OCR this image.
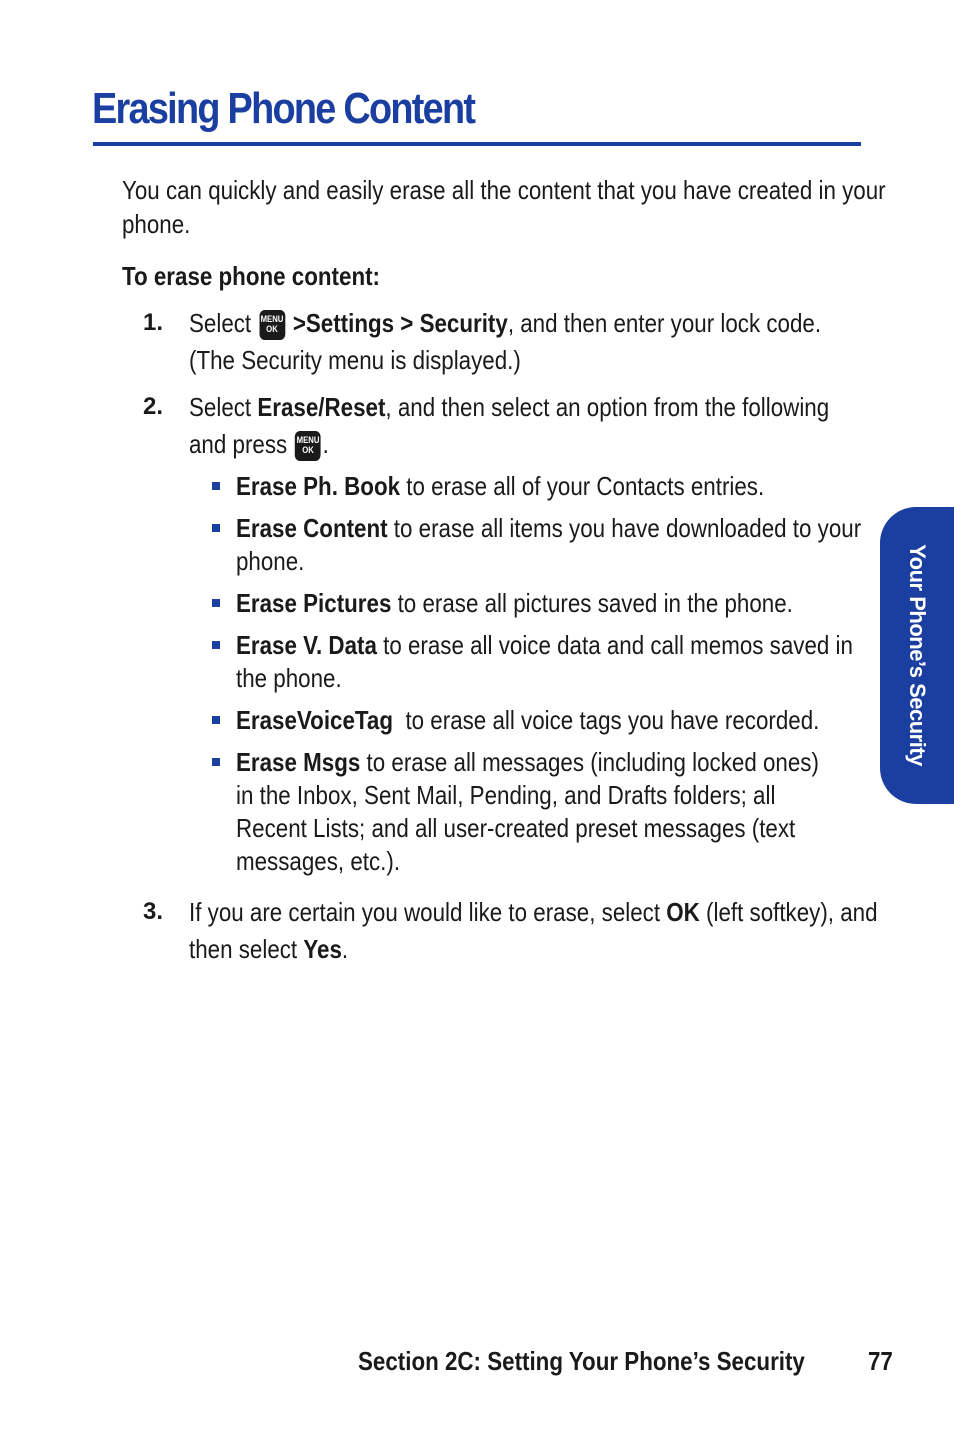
Erasing Phone Content
You can quickly and easily erase all the content that you have created in your
phone.
To erase phone content:
1. Select MENU
OK >Settings > Security, and then enter your lock code.
(The Security menu is displayed.)
2. Select Erase/Reset, and then select an option from the following
and press MENU
OK .
Erase Ph. Book to erase all of your Contacts entries.
Erase Content to erase all items you have downloaded to your
phone.
Erase Pictures to erase all pictures saved in the phone.
Erase V. Data to erase all voice data and call memos saved in
the phone.
EraseVoiceTag to erase all voice tags you have recorded.
Erase Msgs to erase all messages (including locked ones)
in the Inbox, Sent Mail, Pending, and Drafts folders; all
Recent Lists; and all user-created preset messages (text
messages, etc.).
3. If you are certain you would like to erase, select OK (left softkey), and
then select Yes.
Your Phone’s Security
Section 2C: Setting Your Phone’s Security 77
